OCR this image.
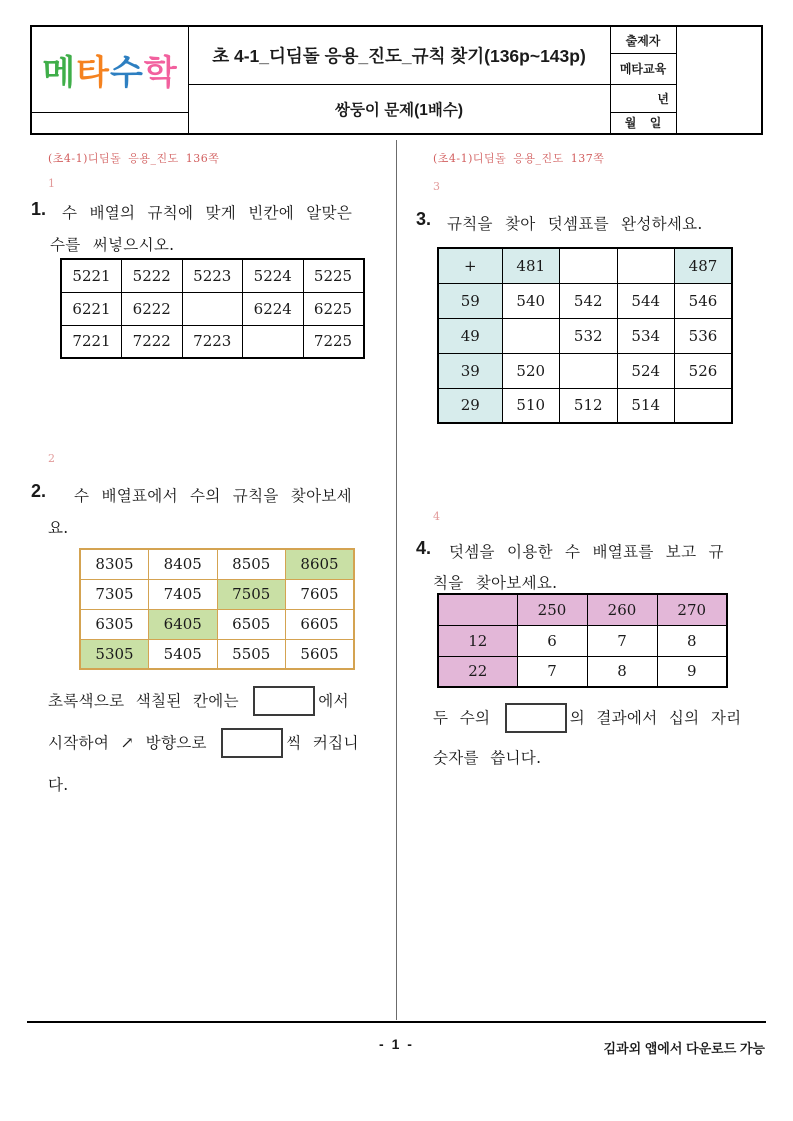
메타수학	초 4-1_디딤돌 응용_진도_규칙 찾기(136p~143p)
쌍둥이 문제(1배수)
출제자
메타교육
년
월 일
(초4-1)디딤돌 응용_진도 136쪽
1
1.	수 배열의 규칙에 맞게 빈칸에 알맞은
수를 써넣으시오.
5221	5222	5223	5224	5225
6221	6222		6224	6225
7221	7222	7223		7225
2
2.	수 배열표에서 수의 규칙을 찾아보세
요.
8305	8405	8505	8605
7305	7405	7505	7605
6305	6405	6505	6605
5305	5405	5505	5605
초록색으로 색칠된 칸에는	에서 시작하여 ↗ 방향으로	씩 커집니다.
(초4-1)디딤돌 응용_진도 137쪽
3
3. 규칙을 찾아 덧셈표를 완성하세요.
+	481			487
59	540	542	544	546
49		532	534	536
39	520		524	526
29	510	512	514	
4
4.	덧셈을 이용한 수 배열표를 보고 규
칙을 찾아보세요.
	250	260	270
12	6	7	8
22	7	8	9
두 수의	의 결과에서 십의 자리 숫자를 씁니다.
- 1 -	김과외 앱에서 다운로드 가능
